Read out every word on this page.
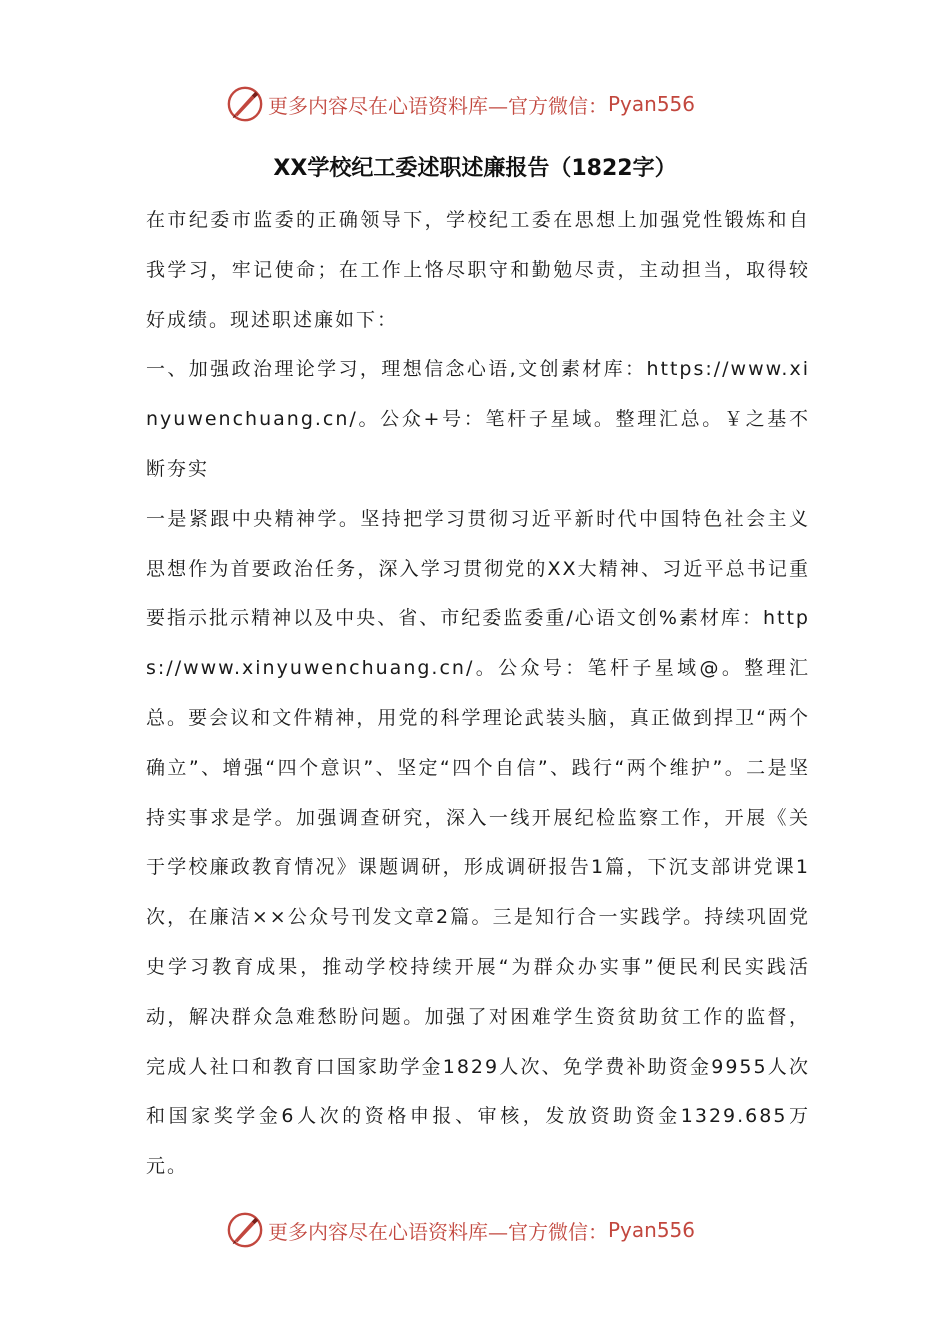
更多内容尽在心语资料库—官方微信： Pyan556
XX学校纪工委述职述廉报告（1822字）

在市纪委市监委的正确领导下，学校纪工委在思想上加强党性锻炼和自我学习，牢记使命；在工作上恪尽职守和勤勉尽责，主动担当，取得较好成绩。现述职述廉如下：

一、加强政治理论学习，理想信念心语,文创素材库：https://www.xinyuwenchuang.cn/。公众+号：笔杆子星域。整理汇总。￥之基不断夯实

一是紧跟中央精神学。坚持把学习贯彻习近平新时代中国特色社会主义思想作为首要政治任务，深入学习贯彻党的XX大精神、习近平总书记重要指示批示精神以及中央、省、市纪委监委重/心语文创%素材库：https://www.xinyuwenchuang.cn/。公众号：笔杆子星域@。整理汇总。要会议和文件精神，用党的科学理论武装头脑，真正做到捍卫“两个确立”、增强“四个意识”、坚定“四个自信”、践行“两个维护”。二是坚持实事求是学。加强调查研究，深入一线开展纪检监察工作，开展《关于学校廉政教育情况》课题调研，形成调研报告1篇，下沉支部讲党课1次，在廉洁××公众号刊发文章2篇。三是知行合一实践学。持续巩固党史学习教育成果，推动学校持续开展“为群众办实事”便民利民实践活动，解决群众急难愁盼问题。加强了对困难学生资贫助贫工作的监督，完成人社口和教育口国家助学金1829人次、免学费补助资金9955人次和国家奖学金6人次的资格申报、审核，发放资助资金1329.685万元。

更多内容尽在心语资料库—官方微信： Pyan556
